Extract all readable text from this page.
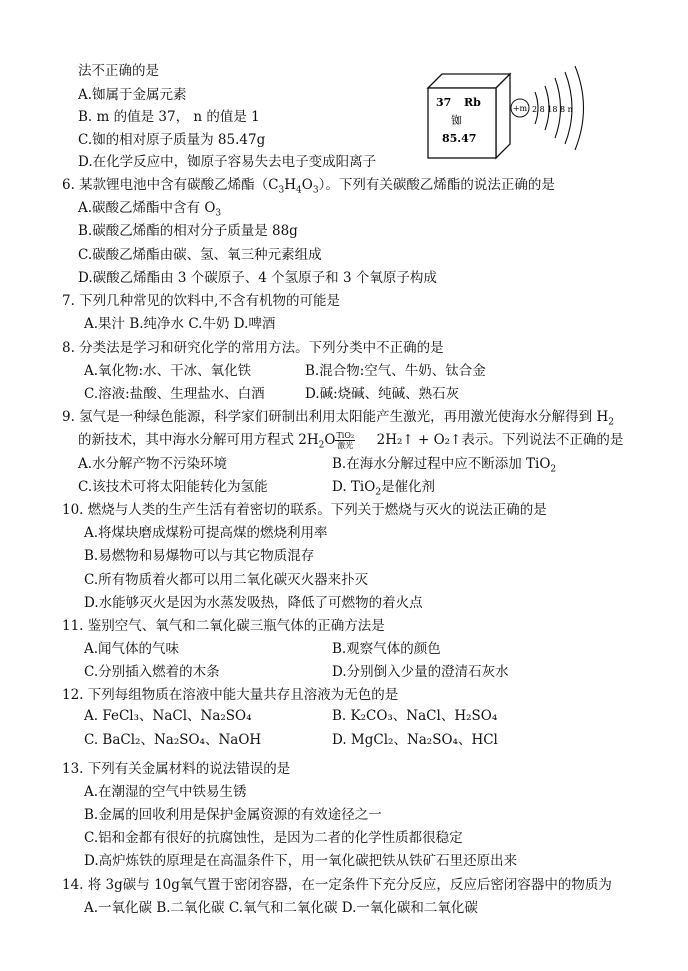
法不正确的是
A.铷属于金属元素
B. m 的值是 37， n 的值是 1
C.铷的相对原子质量为 85.47g
D.在化学反应中，铷原子容易失去电子变成阳离子
37 Rb
铷
85.47
+m 2 8 18 8 n
6. 某款锂电池中含有碳酸乙烯酯$(C_3H_4O_3)$。下列有关碳酸乙烯酯的说法正确的是
A.碳酸乙烯酯中含有 $O_3$
B.碳酸乙烯酯的相对分子质量是 88g
C.碳酸乙烯酯由碳、氢、氧三种元素组成
D.碳酸乙烯酯由 3 个碳原子、4 个氢原子和 3 个氧原子构成
7. 下列几种常见的饮料中,不含有机物的可能是
A.果汁 B.纯净水 C.牛奶 D.啤酒
8. 分类法是学习和研究化学的常用方法。下列分类中不正确的是
A.氧化物:水、干冰、氧化铁	B.混合物:空气、牛奶、钛合金
C.溶液:盐酸、生理盐水、白酒	D.碱:烧碱、纯碱、熟石灰
9. 氢气是一种绿色能源，科学家们研制出利用太阳能产生激光，再用激光使海水分解得到 $H_2$
的新技术，其中海水分解可用方程式 $2H_2O \frac{\text{TiO₂}}{\text{激光}}$ 2H₂↑ + O₂↑表示。下列说法不正确的是
A.水分解产物不污染环境	B.在海水分解过程中应不断添加 TiO$_2$
C.该技术可将太阳能转化为氢能	D. TiO$_2$是催化剂
10. 燃烧与人类的生产生活有着密切的联系。下列关于燃烧与灭火的说法正确的是
A.将煤块磨成煤粉可提高煤的燃烧利用率
B.易燃物和易爆物可以与其它物质混存
C.所有物质着火都可以用二氧化碳灭火器来扑灭
D.水能够灭火是因为水蒸发吸热，降低了可燃物的着火点
11. 鉴别空气、氧气和二氧化碳三瓶气体的正确方法是
A.闻气体的气味	B.观察气体的颜色
C.分别插入燃着的木条	D.分别倒入少量的澄清石灰水
12. 下列每组物质在溶液中能大量共存且溶液为无色的是
A. FeCl₃、NaCl、Na₂SO₄	B. K₂CO₃、NaCl、H₂SO₄
C. BaCl₂、Na₂SO₄、NaOH	D. MgCl₂、Na₂SO₄、HCl
13. 下列有关金属材料的说法错误的是
A.在潮湿的空气中铁易生锈
B.金属的回收利用是保护金属资源的有效途径之一
C.铝和金都有很好的抗腐蚀性，是因为二者的化学性质都很稳定
D.高炉炼铁的原理是在高温条件下，用一氧化碳把铁从铁矿石里还原出来
14. 将 3g碳与 10g氧气置于密闭容器，在一定条件下充分反应，反应后密闭容器中的物质为
A.一氧化碳 B.二氧化碳 C.氧气和二氧化碳 D.一氧化碳和二氧化碳
